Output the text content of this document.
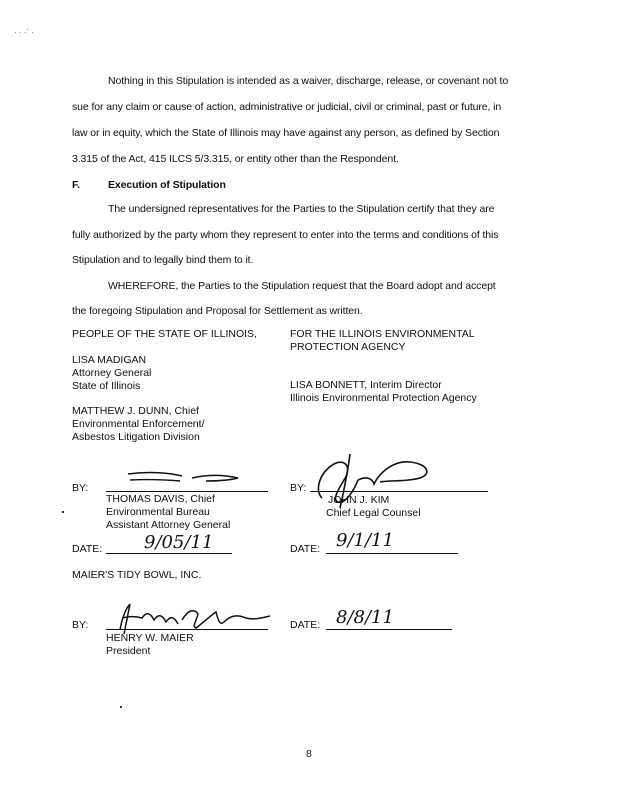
· · ·´ ·
Nothing in this Stipulation is intended as a waiver, discharge, release, or covenant not to
sue for any claim or cause of action, administrative or judicial, civil or criminal, past or future, in
law or in equity, which the State of Illinois may have against any person, as defined by Section
3.315 of the Act, 415 ILCS 5/3.315, or entity other than the Respondent.
F.	Execution of Stipulation
The undersigned representatives for the Parties to the Stipulation certify that they are
fully authorized by the party whom they represent to enter into the terms and conditions of this
Stipulation and to legally bind them to it.
WHEREFORE, the Parties to the Stipulation request that the Board adopt and accept
the foregoing Stipulation and Proposal for Settlement as written.
PEOPLE OF THE STATE OF ILLINOIS,
LISA MADIGAN
Attorney General
State of Illinois
MATTHEW J. DUNN, Chief
Environmental Enforcement/
Asbestos Litigation Division
FOR THE ILLINOIS ENVIRONMENTAL
PROTECTION AGENCY
LISA BONNETT, Interim Director
Illinois Environmental Protection Agency
BY:
THOMAS DAVIS, Chief
Environmental Bureau
Assistant Attorney General
BY:
JOHN J. KIM
Chief Legal Counsel
DATE: 9/05/11	DATE: 9/1/11
MAIER'S TIDY BOWL, INC.
BY:
HENRY W. MAIER
President
DATE: 8/8/11
8
